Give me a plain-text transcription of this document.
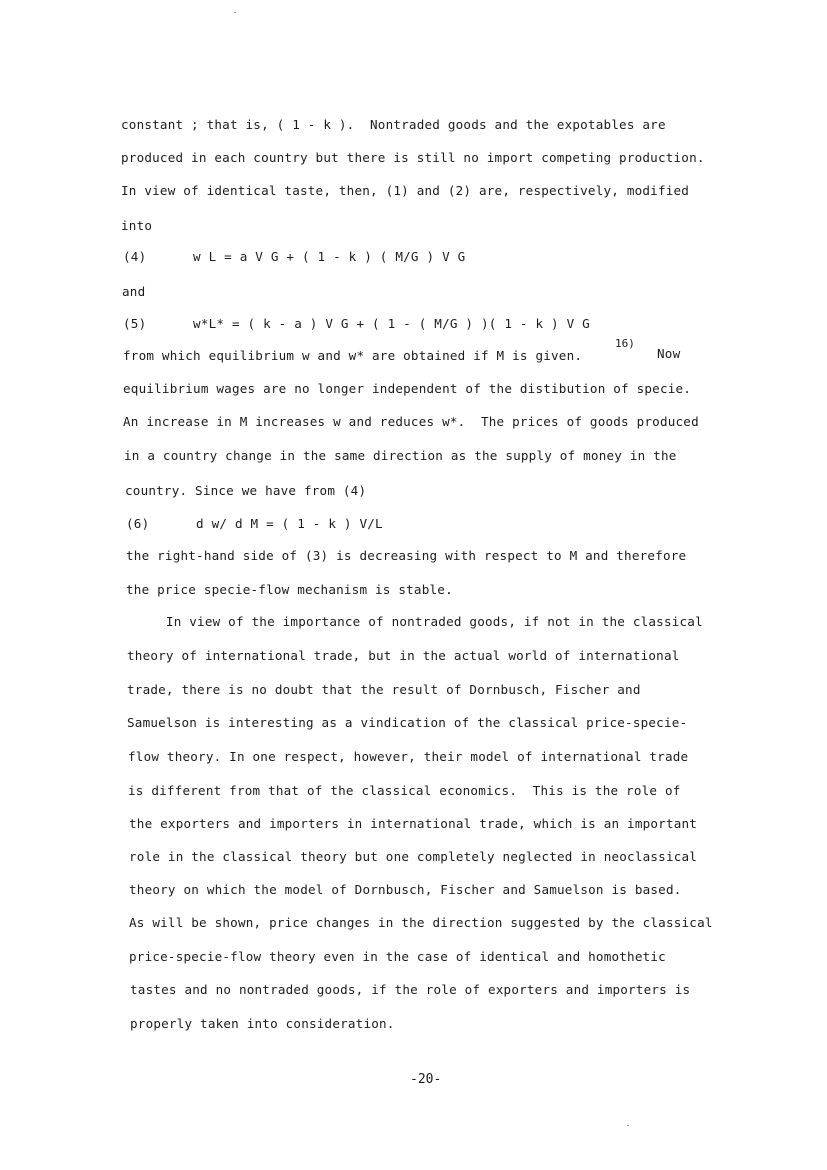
constant ; that is, ( 1 - k ).  Nontraded goods and the expotables are
produced in each country but there is still no import competing production.
In view of identical taste, then, (1) and (2) are, respectively, modified
into
(4)      w L = a V G + ( 1 - k ) ( M/G ) V G
and
(5)      w*L* = ( k - a ) V G + ( 1 - ( M/G ) )( 1 - k ) V G
from which equilibrium w and w* are obtained if M is given.
16)
Now
equilibrium wages are no longer independent of the distibution of specie.
An increase in M increases w and reduces w*.  The prices of goods produced
in a country change in the same direction as the supply of money in the
country. Since we have from (4)
(6)      d w/ d M = ( 1 - k ) V/L
the right-hand side of (3) is decreasing with respect to M and therefore
the price specie-flow mechanism is stable.
In view of the importance of nontraded goods, if not in the classical
theory of international trade, but in the actual world of international
trade, there is no doubt that the result of Dornbusch, Fischer and
Samuelson is interesting as a vindication of the classical price-specie-
flow theory. In one respect, however, their model of international trade
is different from that of the classical economics.  This is the role of
the exporters and importers in international trade, which is an important
role in the classical theory but one completely neglected in neoclassical
theory on which the model of Dornbusch, Fischer and Samuelson is based.
As will be shown, price changes in the direction suggested by the classical
price-specie-flow theory even in the case of identical and homothetic
tastes and no nontraded goods, if the role of exporters and importers is
properly taken into consideration.
-20-
